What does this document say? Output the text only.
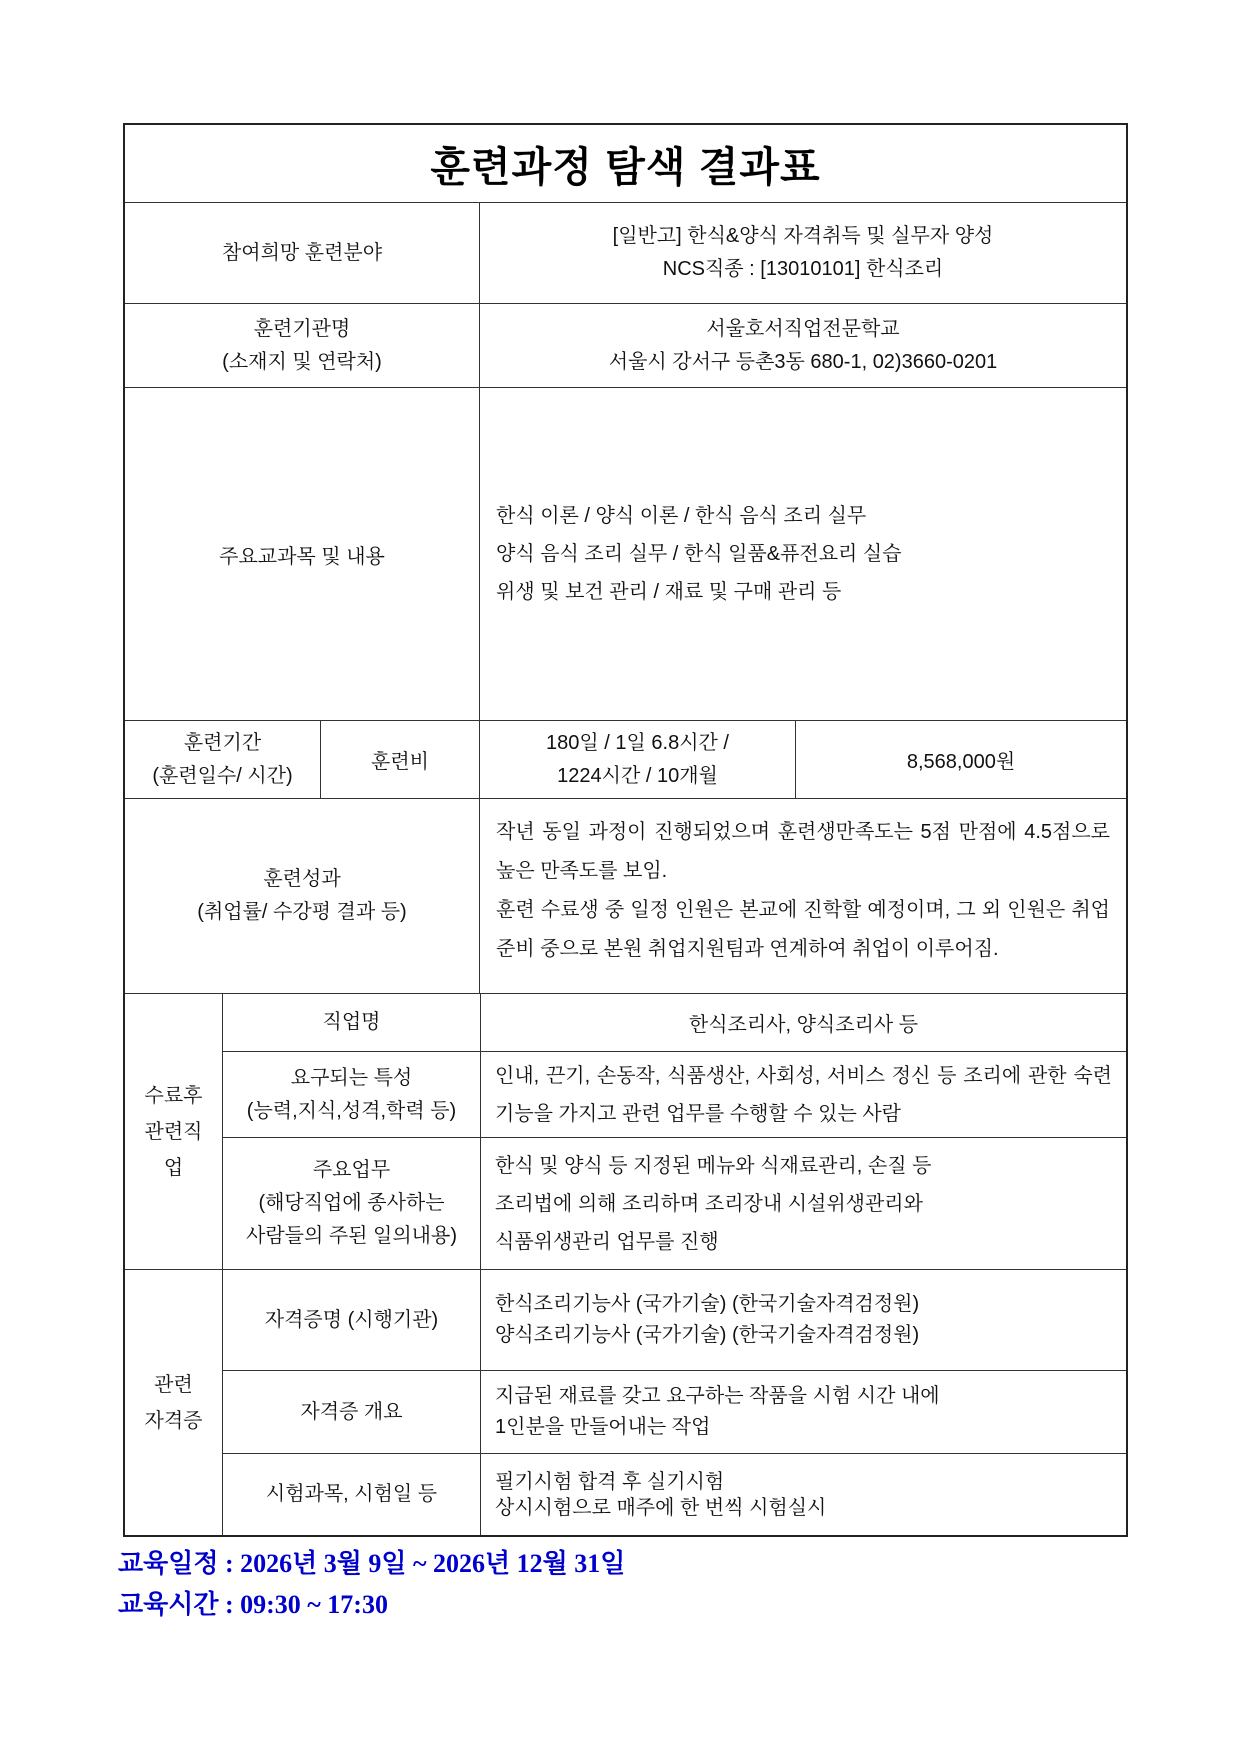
훈련과정 탐색 결과표
참여희망 훈련분야
[일반고] 한식&양식 자격취득 및 실무자 양성
NCS직종 : [13010101] 한식조리
훈련기관명
(소재지 및 연락처)
서울호서직업전문학교
서울시 강서구 등촌3동 680-1, 02)3660-0201
주요교과목 및 내용
한식 이론 / 양식 이론 / 한식 음식 조리 실무
양식 음식 조리 실무 / 한식 일품&퓨전요리 실습
위생 및 보건 관리 / 재료 및 구매 관리 등
훈련기간
(훈련일수/ 시간)
훈련비
180일 / 1일 6.8시간 /
1224시간 / 10개월
8,568,000원
훈련성과
(취업률/ 수강평 결과 등)
작년 동일 과정이 진행되었으며 훈련생만족도는 5점 만점에 4.5점으로 높은 만족도를 보임.
훈련 수료생 중 일정 인원은 본교에 진학할 예정이며, 그 외 인원은 취업 준비 중으로 본원 취업지원팀과 연계하여 취업이 이루어짐.
수료후
관련직
업
직업명	한식조리사, 양식조리사 등
요구되는 특성
(능력,지식,성격,학력 등)
인내, 끈기, 손동작, 식품생산, 사회성, 서비스 정신 등 조리에 관한 숙련기능을 가지고 관련 업무를 수행할 수 있는 사람
주요업무
(해당직업에 종사하는
사람들의 주된 일의내용)
한식 및 양식 등 지정된 메뉴와 식재료관리, 손질 등
조리법에 의해 조리하며 조리장내 시설위생관리와
식품위생관리 업무를 진행
관련
자격증
자격증명 (시행기관)
한식조리기능사 (국가기술) (한국기술자격검정원)
양식조리기능사 (국가기술) (한국기술자격검정원)
자격증 개요
지급된 재료를 갖고 요구하는 작품을 시험 시간 내에
1인분을 만들어내는 작업
시험과목, 시험일 등
필기시험 합격 후 실기시험
상시시험으로 매주에 한 번씩 시험실시
교육일정 : 2026년 3월 9일 ~ 2026년 12월 31일
교육시간 : 09:30 ~ 17:30
